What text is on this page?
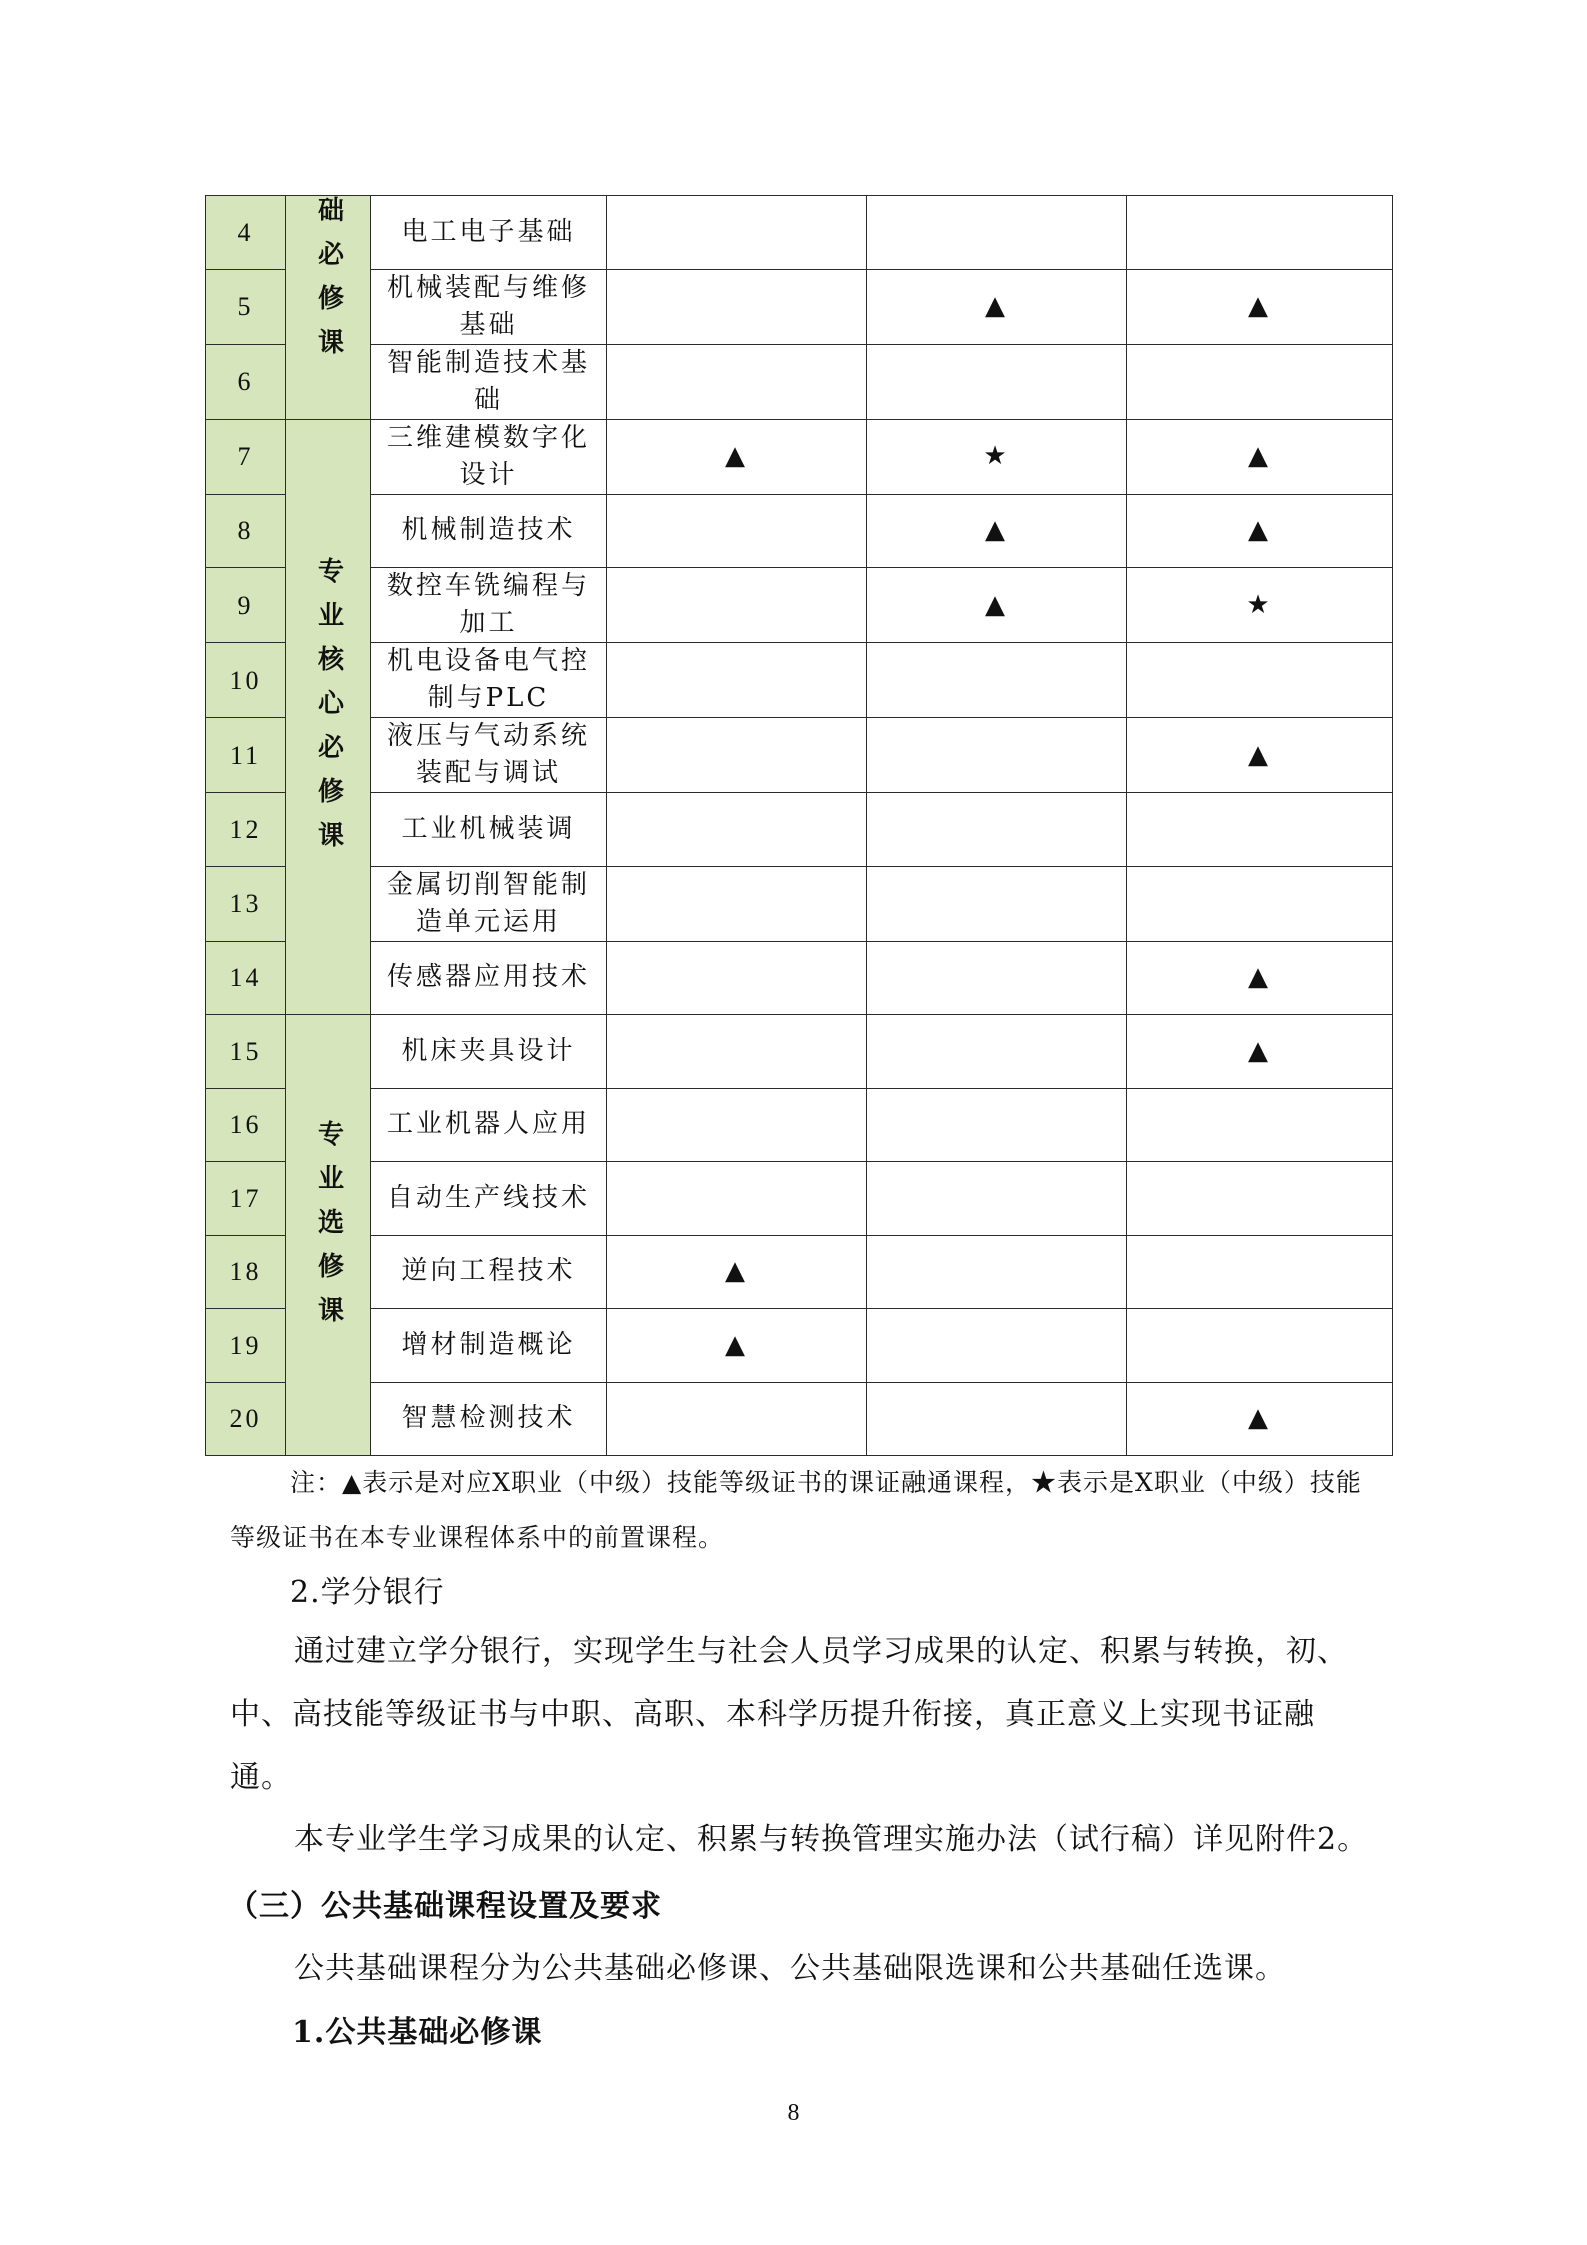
4	础必修课	电工电子基础			
5		机械装配与维修基础		▲	▲
6		智能制造技术基础			
7	专业核心必修课	三维建模数字化设计	▲	★	▲
8		机械制造技术		▲	▲
9		数控车铣编程与加工		▲	★
10		机电设备电气控制与PLC			
11		液压与气动系统装配与调试			▲
12		工业机械装调			
13		金属切削智能制造单元运用			
14		传感器应用技术			▲
15	专业选修课	机床夹具设计			▲
16		工业机器人应用			
17		自动生产线技术			
18		逆向工程技术	▲		
19		增材制造概论	▲		
20		智慧检测技术			▲

注：▲表示是对应X职业（中级）技能等级证书的课证融通课程，★表示是X职业（中级）技能等级证书在本专业课程体系中的前置课程。

2.学分银行

通过建立学分银行，实现学生与社会人员学习成果的认定、积累与转换，初、中、高技能等级证书与中职、高职、本科学历提升衔接，真正意义上实现书证融通。

本专业学生学习成果的认定、积累与转换管理实施办法（试行稿）详见附件2。

（三）公共基础课程设置及要求

公共基础课程分为公共基础必修课、公共基础限选课和公共基础任选课。

1.公共基础必修课

8
